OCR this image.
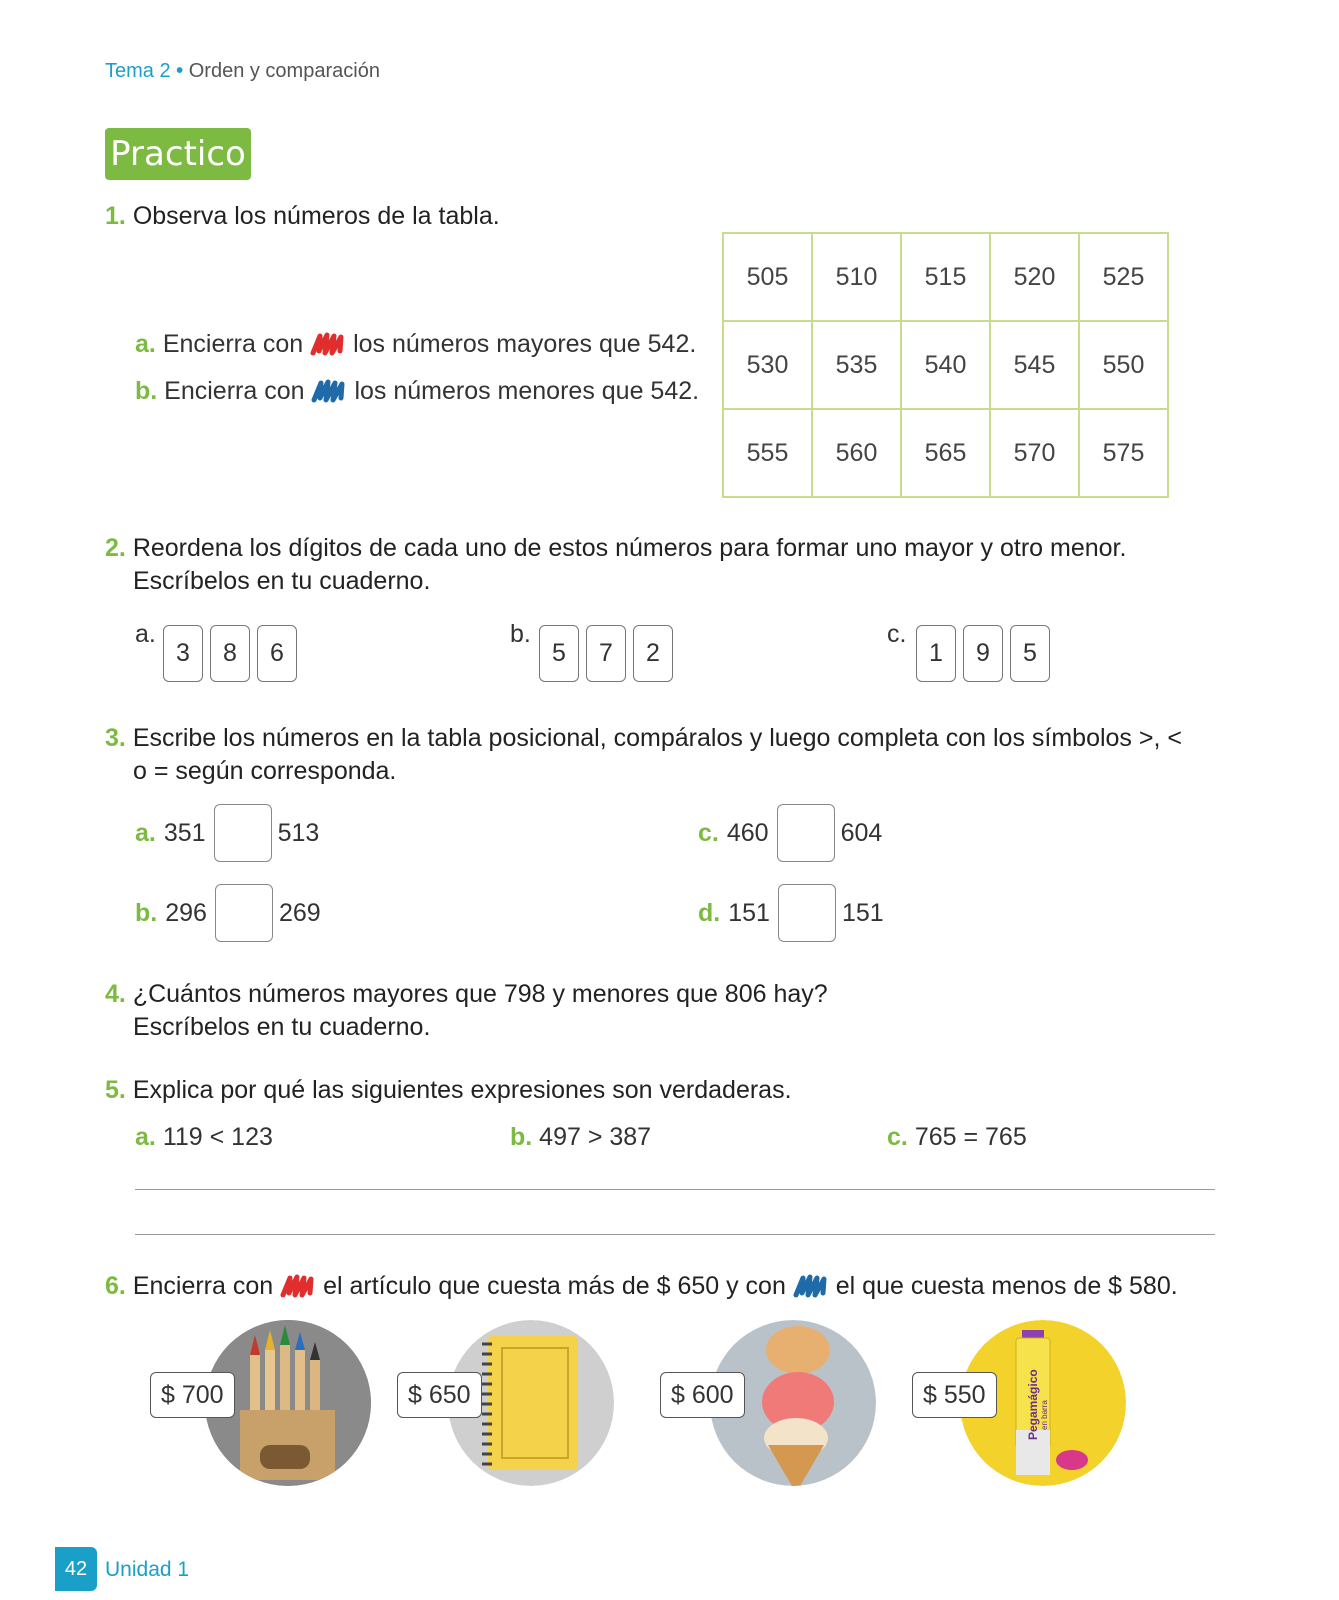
Tema 2 • Orden y comparación
Practico
1. Observa los números de la tabla.
a. Encierra con los números mayores que 542.
b. Encierra con los números menores que 542.
505	510	515	520	525
530	535	540	545	550
555	560	565	570	575
2. Reordena los dígitos de cada uno de estos números para formar uno mayor y otro menor.
Escríbelos en tu cuaderno.
a.
3	8	6
b.
5	7	2
c.
1	9	5
3. Escribe los números en la tabla posicional, compáralos y luego completa con los símbolos >, <
o = según corresponda.
a. 351	513
b. 296	269
c. 460	604
d. 151	151
4. ¿Cuántos números mayores que 798 y menores que 806 hay?
Escríbelos en tu cuaderno.
5. Explica por qué las siguientes expresiones son verdaderas.
a. 119 < 123	b. 497 > 387	c. 765 = 765
6. Encierra con el artículo que cuesta más de $ 650 y con el que cuesta menos de $ 580.
$ 700	$ 650	$ 600	Pegamágico en barra
$ 550
42 Unidad 1
